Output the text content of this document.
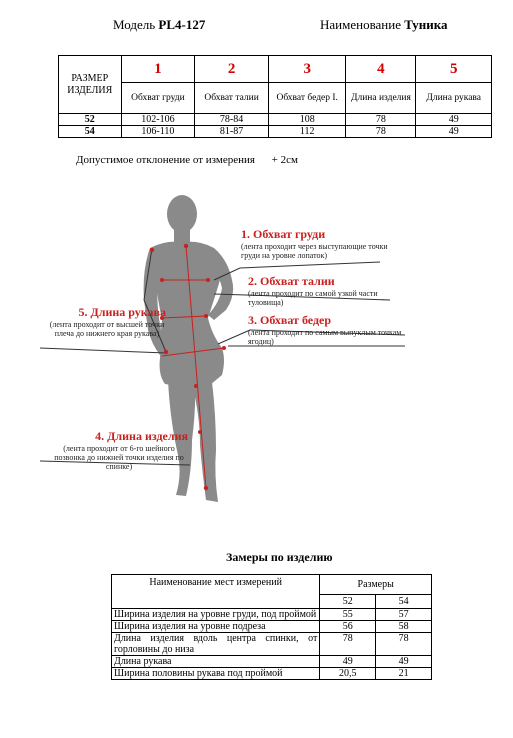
Модель PL4-127	Наименование Туника
РАЗМЕР ИЗДЕЛИЯ	1	2	3	4	5
	Обхват груди	Обхват талии	Обхват бедер I.	Длина изделия	Длина рукава
52	102-106	78-84	108	78	49
54	106-110	81-87	112	78	49
Допустимое отклонение от измерения + 2см
1. Обхват груди
(лента проходит через выступающие точки груди на уровне лопаток)
2. Обхват талии
(лента проходит по самой узкой части туловища)
3. Обхват бедер
(лента проходит по самым выпуклым точкам ягодиц)
5. Длина рукава
(лента проходит от высшей точки плеча до нижнего края рукава)
4. Длина изделия
(лента проходит от 6-го шейного позвонка до нижней точки изделия по спинке)
Замеры по изделию
Наименование мест измерений	Размеры	
	52	54
Ширина изделия на уровне груди, под проймой	55	57
Ширина изделия на уровне подреза	56	58
Длина изделия вдоль центра спинки, от горловины до низа	78	78
Длина рукава	49	49
Ширина половины рукава под проймой	20,5	21
